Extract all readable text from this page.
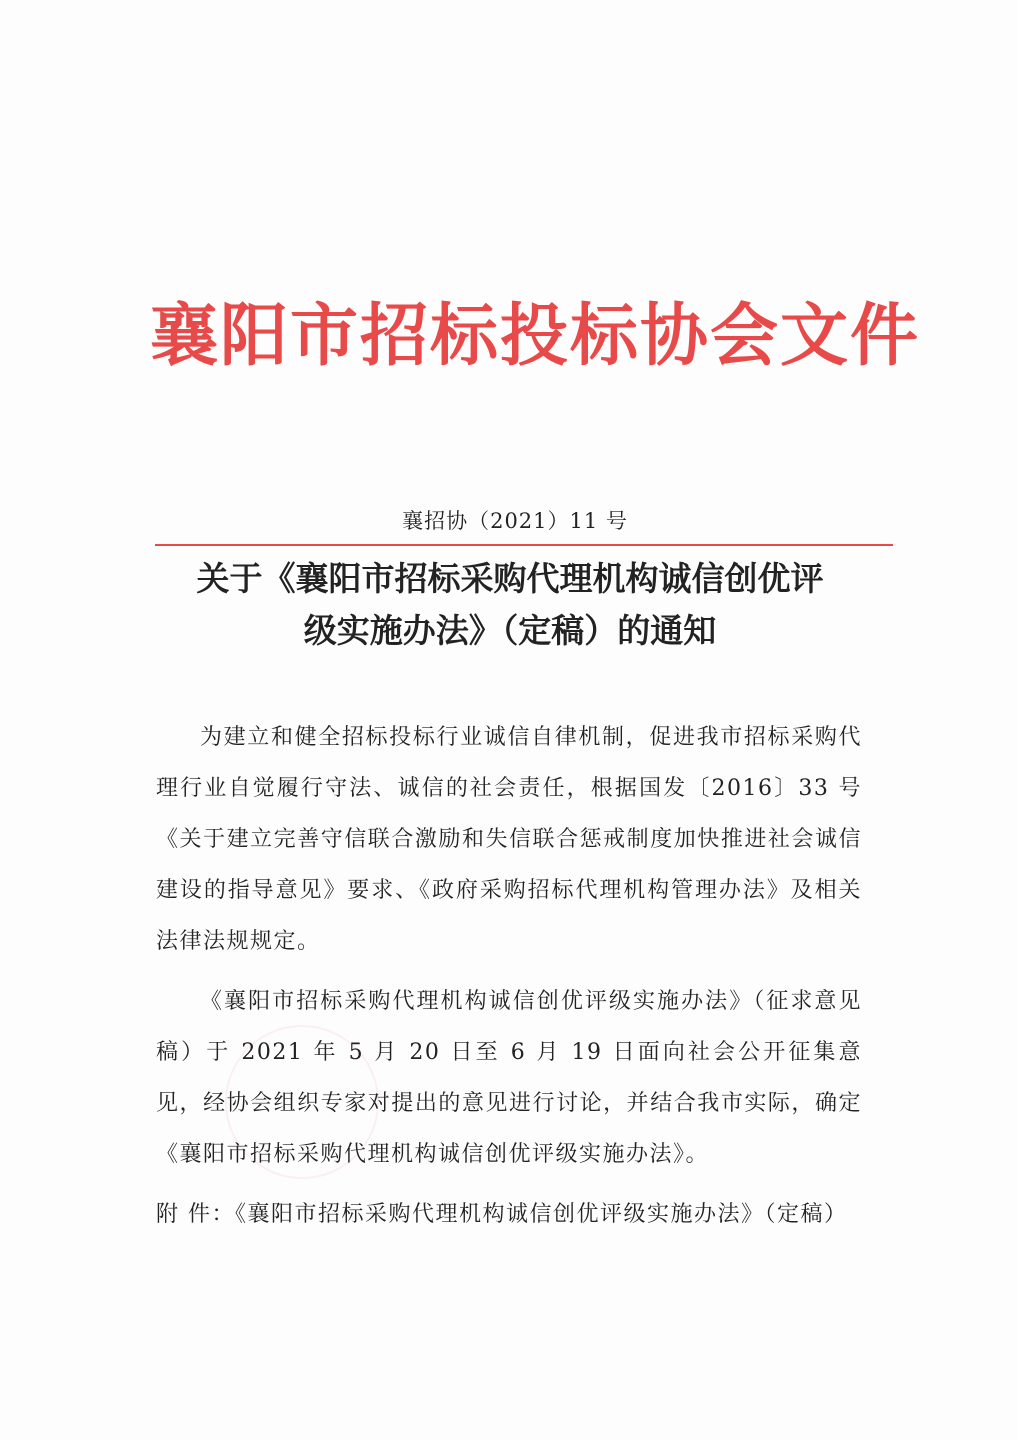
襄阳市招标投标协会文件
襄招协（2021）11 号
关于《襄阳市招标采购代理机构诚信创优评
级实施办法》（定稿）的通知

为建立和健全招标投标行业诚信自律机制，促进我市招标采购代理行业自觉履行守法、诚信的社会责任，根据国发〔2016〕33 号《关于建立完善守信联合激励和失信联合惩戒制度加快推进社会诚信建设的指导意见》要求、《政府采购招标代理机构管理办法》及相关法律法规规定。

《襄阳市招标采购代理机构诚信创优评级实施办法》（征求意见稿）于 2021 年 5 月 20 日至 6 月 19 日面向社会公开征集意见，经协会组织专家对提出的意见进行讨论，并结合我市实际，确定《襄阳市招标采购代理机构诚信创优评级实施办法》。

附 件：《襄阳市招标采购代理机构诚信创优评级实施办法》（定稿）
